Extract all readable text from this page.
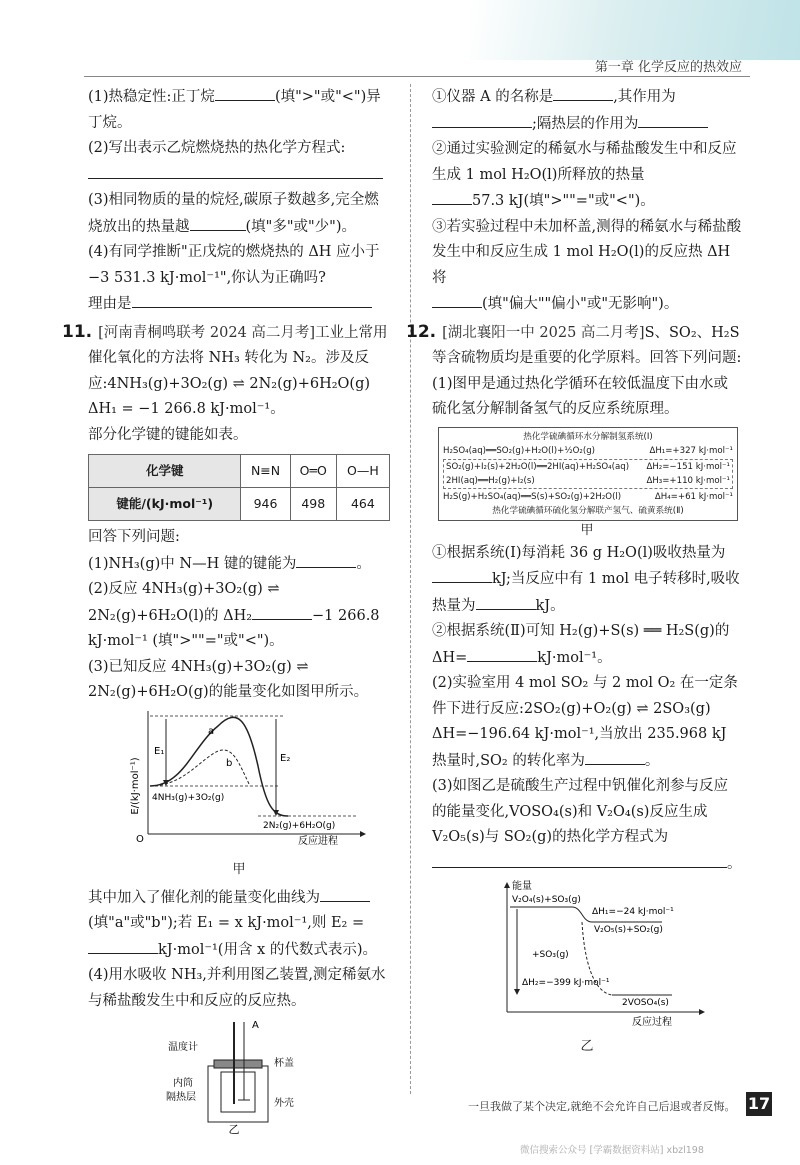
第一章 化学反应的热效应

(1)热稳定性:正丁烷	(填">"或"<")异丁烷。

(2)写出表示乙烷燃烧热的热化学方程式:

(3)相同物质的量的烷烃,碳原子数越多,完全燃烧放出的热量越	(填"多"或"少")。

(4)有同学推断"正戊烷的燃烧热的 ΔH 应小于 −3 531.3 kJ·mol⁻¹",你认为正确吗?

理由是

11. [河南青桐鸣联考 2024 高二月考]工业上常用催化氧化的方法将 NH₃ 转化为 N₂。涉及反应:4NH₃(g)+3O₂(g) ⇌ 2N₂(g)+6H₂O(g) ΔH₁ = −1 266.8 kJ·mol⁻¹。

部分化学键的键能如表。

化学键	N≡N	O═O	O—H
键能/(kJ·mol⁻¹)	946	498	464

回答下列问题:

(1)NH₃(g)中 N—H 键的键能为	。

(2)反应 4NH₃(g)+3O₂(g) ⇌ 2N₂(g)+6H₂O(l)的 ΔH₂	−1 266.8 kJ·mol⁻¹ (填">""="或"<")。

(3)已知反应 4NH₃(g)+3O₂(g) ⇌ 2N₂(g)+6H₂O(g)的能量变化如图甲所示。

O
E/(kJ·mol⁻¹)
反应进程
a
b
E₁
E₂
4NH₃(g)+3O₂(g)
2N₂(g)+6H₂O(g)

甲

其中加入了催化剂的能量变化曲线为

(填"a"或"b");若 E₁ = x kJ·mol⁻¹,则 E₂ =

kJ·mol⁻¹(用含 x 的代数式表示)。

(4)用水吸收 NH₃,并利用图乙装置,测定稀氨水与稀盐酸发生中和反应的反应热。

A
温度计
杯盖
内筒
隔热层
外壳
乙

①仪器 A 的名称是	,其作用为

;隔热层的作用为

②通过实验测定的稀氨水与稀盐酸发生中和反应生成 1 mol H₂O(l)所释放的热量

57.3 kJ(填">""="或"<")。

③若实验过程中未加杯盖,测得的稀氨水与稀盐酸发生中和反应生成 1 mol H₂O(l)的反应热 ΔH 将

(填"偏大""偏小"或"无影响")。

12. [湖北襄阳一中 2025 高二月考]S、SO₂、H₂S 等含硫物质均是重要的化学原料。回答下列问题:

(1)图甲是通过热化学循环在较低温度下由水或硫化氢分解制备氢气的反应系统原理。

热化学硫碘循环水分解制氢系统(Ⅰ)
H₂SO₄(aq)══SO₂(g)+H₂O(l)+½O₂(g)	ΔH₁=+327 kJ·mol⁻¹
SO₂(g)+I₂(s)+2H₂O(l)══2HI(aq)+H₂SO₄(aq) ΔH₂=−151 kJ·mol⁻¹
2HI(aq)══H₂(g)+I₂(s)	ΔH₃=+110 kJ·mol⁻¹
H₂S(g)+H₂SO₄(aq)══S(s)+SO₂(g)+2H₂O(l)	ΔH₄=+61 kJ·mol⁻¹
热化学硫碘循环硫化氢分解联产氢气、硫黄系统(Ⅱ)

甲

①根据系统(Ⅰ)每消耗 36 g H₂O(l)吸收热量为kJ;当反应中有 1 mol 电子转移时,吸收热量为	kJ。

②根据系统(Ⅱ)可知 H₂(g)+S(s) ══ H₂S(g)的 ΔH=	kJ·mol⁻¹。

(2)实验室用 4 mol SO₂ 与 2 mol O₂ 在一定条件下进行反应:2SO₂(g)+O₂(g) ⇌ 2SO₃(g) ΔH=−196.64 kJ·mol⁻¹,当放出 235.968 kJ 热量时,SO₂ 的转化率为	。

(3)如图乙是硫酸生产过程中钒催化剂参与反应的能量变化,VOSO₄(s)和 V₂O₄(s)反应生成 V₂O₅(s)与 SO₂(g)的热化学方程式为

。

能量
反应过程
V₂O₄(s)+SO₃(g)
V₂O₅(s)+SO₂(g)
ΔH₁=−24 kJ·mol⁻¹
+SO₃(g)
2VOSO₄(s)
ΔH₂=−399 kJ·mol⁻¹

乙

一旦我做了某个决定,就绝不会允许自己后退或者反悔。 17
微信搜索公众号 [学霸数据资料站] xbzl198
